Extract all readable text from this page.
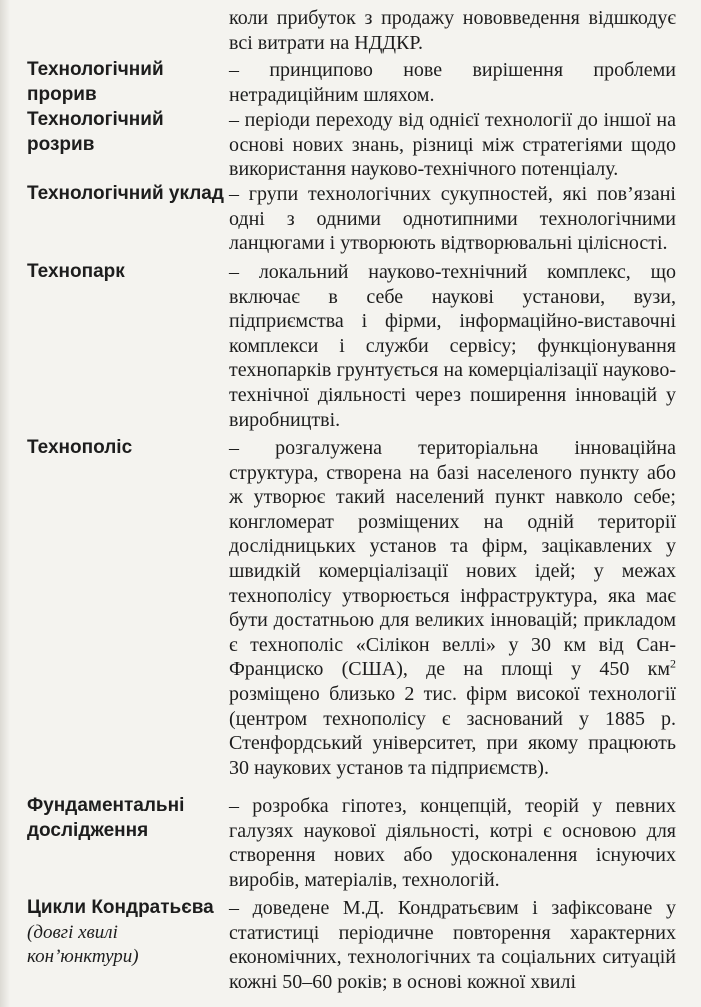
коли прибуток з продажу нововведення відшкодує всі витрати на НДДКР.
Технологічний прорив
– принципово нове вирішення проблеми нетрадиційним шляхом.
Технологічний розрив
– періоди переходу від однієї технології до іншої на основі нових знань, різниці між стратегіями щодо використання науково-технічного потенціалу.
Технологічний уклад – групи технологічних сукупностей, які пов’язані одні з одними однотипними технологічними ланцюгами і утворюють відтворювальні цілісності.
Технопарк	– локальний науково-технічний комплекс, що включає в себе наукові установи, вузи, підприємства і фірми, інформаційно-виставочні комплекси і служби сервісу; функціонування технопарків грунтується на комерціалізації науково-технічної діяльності через поширення інновацій у виробництві.
Технополіс	– розгалужена територіальна інноваційна структура, створена на базі населеного пункту або ж утворює такий населений пункт навколо себе; конгломерат розміщених на одній території дослідницьких установ та фірм, зацікавлених у швидкій комерціалізації нових ідей; у межах технополісу утворюється інфраструктура, яка має бути достатньою для великих інновацій; прикладом є технополіс «Сілікон веллі» у 30 км від Сан-Франциско (США), де на площі у 450 $км^2$ розміщено близько 2 тис. фірм високої технології (центром технополісу є заснований у 1885 р. Стенфордський університет, при якому працюють 30 наукових установ та підприємств).
Фундаментальні дослідження
– розробка гіпотез, концепцій, теорій у певних галузях наукової діяльності, котрі є основою для створення нових або удосконалення існуючих виробів, матеріалів, технологій.
Цикли Кондратьєва
(довгі хвилі кон’юнктури)
– доведене М.Д. Кондратьєвим і зафіксоване у статистиці періодичне повторення характерних економічних, технологічних та соціальних ситуацій кожні 50–60 років; в основі кожної хвилі
